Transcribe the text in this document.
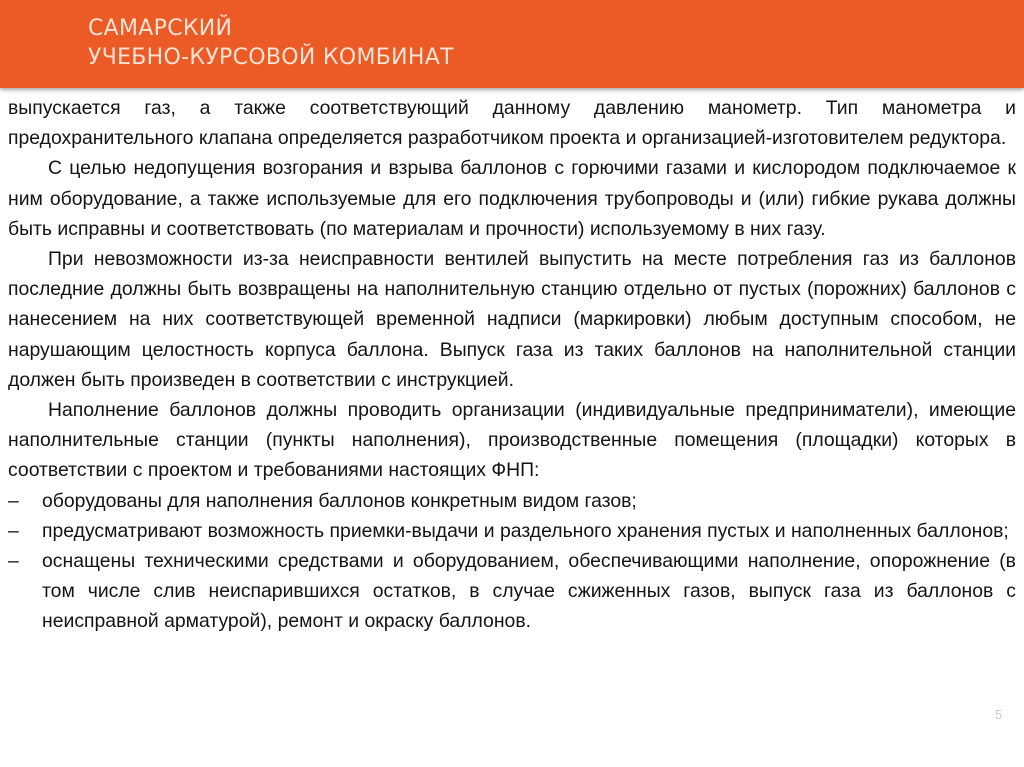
САМАРСКИЙ
УЧЕБНО-КУРСОВОЙ КОМБИНАТ

выпускается газ, а также соответствующий данному давлению манометр. Тип манометра и предохранительного клапана определяется разработчиком проекта и организацией-изготовителем редуктора.

С целью недопущения возгорания и взрыва баллонов с горючими газами и кислородом подключаемое к ним оборудование, а также используемые для его подключения трубопроводы и (или) гибкие рукава должны быть исправны и соответствовать (по материалам и прочности) используемому в них газу.

При невозможности из-за неисправности вентилей выпустить на месте потребления газ из баллонов последние должны быть возвращены на наполнительную станцию отдельно от пустых (порожних) баллонов с нанесением на них соответствующей временной надписи (маркировки) любым доступным способом, не нарушающим целостность корпуса баллона. Выпуск газа из таких баллонов на наполнительной станции должен быть произведен в соответствии с инструкцией.

Наполнение баллонов должны проводить организации (индивидуальные предприниматели), имеющие наполнительные станции (пункты наполнения), производственные помещения (площадки) которых в соответствии с проектом и требованиями настоящих ФНП:

– оборудованы для наполнения баллонов конкретным видом газов;
– предусматривают возможность приемки-выдачи и раздельного хранения пустых и наполненных баллонов;
– оснащены техническими средствами и оборудованием, обеспечивающими наполнение, опорожнение (в том числе слив неиспарившихся остатков, в случае сжиженных газов, выпуск газа из баллонов с неисправной арматурой), ремонт и окраску баллонов.
5
